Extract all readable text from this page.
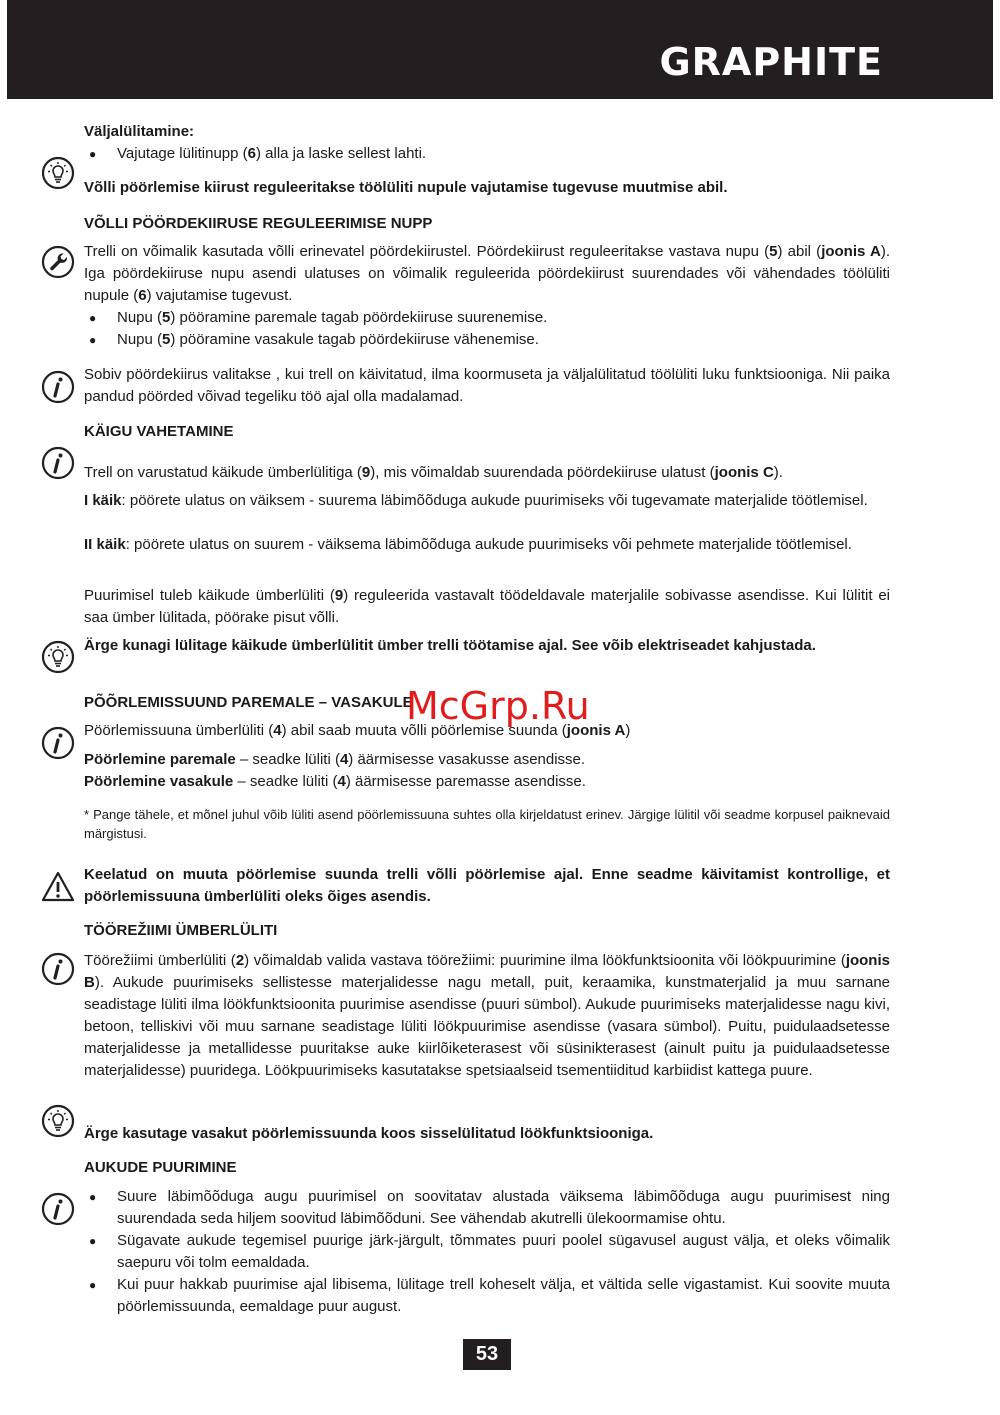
GRAPHITE
Väljalülitamine:
● Vajutage lülitinupp (6) alla ja laske sellest lahti.
Võlli pöörlemise kiirust reguleeritakse töölüliti nupule vajutamise tugevuse muutmise abil.
VÕLLI PÖÖRDEKIIRUSE REGULEERIMISE NUPP
Trelli on võimalik kasutada võlli erinevatel pöördekiirustel. Pöördekiirust reguleeritakse vastava nupu (5) abil (joonis A). Iga pöördekiiruse nupu asendi ulatuses on võimalik reguleerida pöördekiirust suurendades või vähendades töölüliti nupule (6) vajutamise tugevust.
● Nupu (5) pööramine paremale tagab pöördekiiruse suurenemise.
● Nupu (5) pööramine vasakule tagab pöördekiiruse vähenemise.
Sobiv pöördekiirus valitakse , kui trell on käivitatud, ilma koormuseta ja väljalülitatud töölüliti luku funktsiooniga. Nii paika pandud pöörded võivad tegeliku töö ajal olla madalamad.
KÄIGU VAHETAMINE
Trell on varustatud käikude ümberlülitiga (9), mis võimaldab suurendada pöördekiiruse ulatust (joonis C).
I käik: pöörete ulatus on väiksem - suurema läbimõõduga aukude puurimiseks või tugevamate materjalide töötlemisel.
II käik: pöörete ulatus on suurem - väiksema läbimõõduga aukude puurimiseks või pehmete materjalide töötlemisel.
Puurimisel tuleb käikude ümberlüliti (9) reguleerida vastavalt töödeldavale materjalile sobivasse asendisse. Kui lülitit ei saa ümber lülitada, pöörake pisut võlli.
Ärge kunagi lülitage käikude ümberlülitit ümber trelli töötamise ajal. See võib elektriseadet kahjustada.
PÕÕRLEMISSUUND PAREMALE – VASAKULE
Pöörlemissuuna ümberlüliti (4) abil saab muuta võlli pöörlemise suunda (joonis A)
Pöörlemine paremale – seadke lüliti (4) äärmisesse vasakusse asendisse.
Pöörlemine vasakule – seadke lüliti (4) äärmisesse paremasse asendisse.
* Pange tähele, et mõnel juhul võib lüliti asend pöörlemissuuna suhtes olla kirjeldatust erinev. Järgige lülitil või seadme korpusel paiknevaid märgistusi.
Keelatud on muuta pöörlemise suunda trelli võlli pöörlemise ajal. Enne seadme käivitamist kontrollige, et pöörlemissuuna ümberlüliti oleks õiges asendis.
TÖÖREŽIIMI ÜMBERLÜLITI
Töörežiimi ümberlüliti (2) võimaldab valida vastava töörežiimi: puurimine ilma löökfunktsioonita või löökpuurimine (joonis B). Aukude puurimiseks sellistesse materjalidesse nagu metall, puit, keraamika, kunstmaterjalid ja muu sarnane seadistage lüliti ilma löökfunktsioonita puurimise asendisse (puuri sümbol). Aukude puurimiseks materjalidesse nagu kivi, betoon, telliskivi või muu sarnane seadistage lüliti löökpuurimise asendisse (vasara sümbol). Puitu, puidulaadsetesse materjalidesse ja metallidesse puuritakse auke kiirlõiketerasest või süsinikterasest (ainult puitu ja puidulaadsetesse materjalidesse) puuridega. Löökpuurimiseks kasutatakse spetsiaalseid tsementiiditud karbiidist kattega puure.
Ärge kasutage vasakut pöörlemissuunda koos sisselülitatud löökfunktsiooniga.
AUKUDE PUURIMINE
● Suure läbimõõduga augu puurimisel on soovitatav alustada väiksema läbimõõduga augu puurimisest ning suurendada seda hiljem soovitud läbimõõduni. See vähendab akutrelli ülekoormamise ohtu.
● Sügavate aukude tegemisel puurige järk-järgult, tõmmates puuri poolel sügavusel august välja, et oleks võimalik saepuru või tolm eemaldada.
● Kui puur hakkab puurimise ajal libisema, lülitage trell koheselt välja, et vältida selle vigastamist. Kui soovite muuta pöörlemissuunda, eemaldage puur august.
McGrp.Ru
53
